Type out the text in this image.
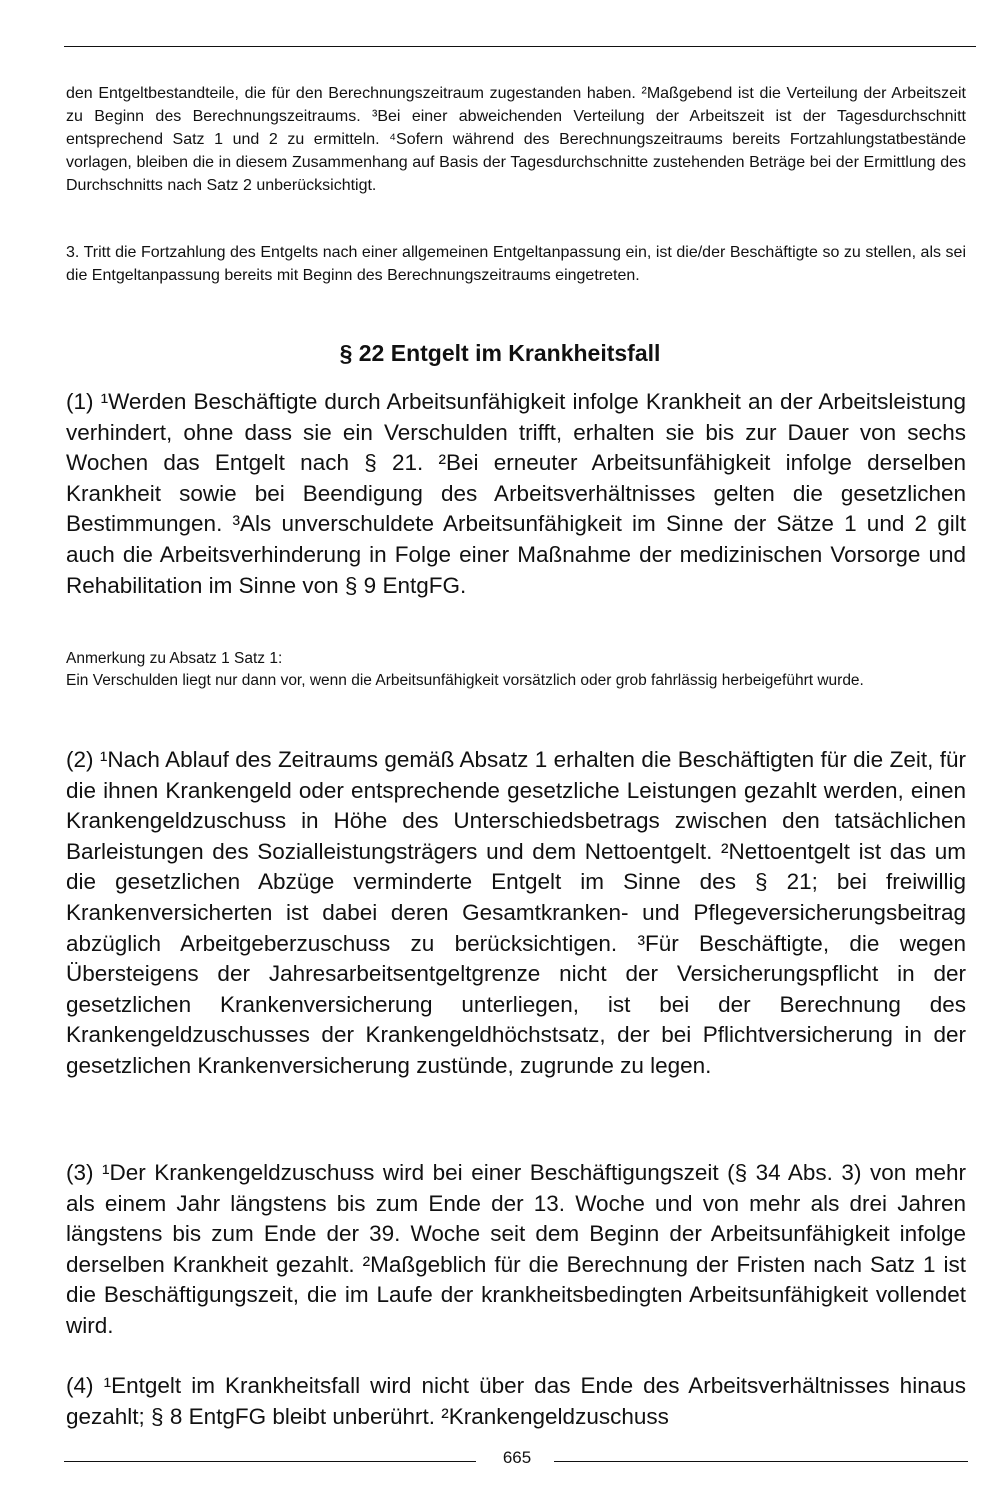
den Entgeltbestandteile, die für den Berechnungszeitraum zugestanden haben. ²Maßgebend ist die Verteilung der Arbeitszeit zu Beginn des Berechnungszeitraums. ³Bei einer abweichenden Verteilung der Arbeitszeit ist der Tagesdurchschnitt entsprechend Satz 1 und 2 zu ermitteln. ⁴Sofern während des Berechnungszeitraums bereits Fortzahlungstatbestände vorlagen, bleiben die in diesem Zusammenhang auf Basis der Tagesdurchschnitte zustehenden Beträge bei der Ermittlung des Durchschnitts nach Satz 2 unberücksichtigt.
3. Tritt die Fortzahlung des Entgelts nach einer allgemeinen Entgeltanpassung ein, ist die/der Beschäftigte so zu stellen, als sei die Entgeltanpassung bereits mit Beginn des Berechnungszeitraums eingetreten.
§ 22 Entgelt im Krankheitsfall
(1) ¹Werden Beschäftigte durch Arbeitsunfähigkeit infolge Krankheit an der Arbeitsleistung verhindert, ohne dass sie ein Verschulden trifft, erhalten sie bis zur Dauer von sechs Wochen das Entgelt nach § 21. ²Bei erneuter Arbeitsunfähigkeit infolge derselben Krankheit sowie bei Beendigung des Arbeitsverhältnisses gelten die gesetzlichen Bestimmungen. ³Als unverschuldete Arbeitsunfähigkeit im Sinne der Sätze 1 und 2 gilt auch die Arbeitsverhinderung in Folge einer Maßnahme der medizinischen Vorsorge und Rehabilitation im Sinne von § 9 EntgFG.
Anmerkung zu Absatz 1 Satz 1:
Ein Verschulden liegt nur dann vor, wenn die Arbeitsunfähigkeit vorsätzlich oder grob fahrlässig herbeigeführt wurde.
(2) ¹Nach Ablauf des Zeitraums gemäß Absatz 1 erhalten die Beschäftigten für die Zeit, für die ihnen Krankengeld oder entsprechende gesetzliche Leistungen gezahlt werden, einen Krankengeldzuschuss in Höhe des Unterschiedsbetrags zwischen den tatsächlichen Barleistungen des Sozialleistungsträgers und dem Nettoentgelt. ²Nettoentgelt ist das um die gesetzlichen Abzüge verminderte Entgelt im Sinne des § 21; bei freiwillig Krankenversicherten ist dabei deren Gesamtkranken- und Pflegeversicherungsbeitrag abzüglich Arbeitgeberzuschuss zu berücksichtigen. ³Für Beschäftigte, die wegen Übersteigens der Jahresarbeitsentgeltgrenze nicht der Versicherungspflicht in der gesetzlichen Krankenversicherung unterliegen, ist bei der Berechnung des Krankengeldzuschusses der Krankengeldhöchstsatz, der bei Pflichtversicherung in der gesetzlichen Krankenversicherung zustünde, zugrunde zu legen.
(3) ¹Der Krankengeldzuschuss wird bei einer Beschäftigungszeit (§ 34 Abs. 3) von mehr als einem Jahr längstens bis zum Ende der 13. Woche und von mehr als drei Jahren längstens bis zum Ende der 39. Woche seit dem Beginn der Arbeitsunfähigkeit infolge derselben Krankheit gezahlt. ²Maßgeblich für die Berechnung der Fristen nach Satz 1 ist die Beschäftigungszeit, die im Laufe der krankheitsbedingten Arbeitsunfähigkeit vollendet wird.
(4) ¹Entgelt im Krankheitsfall wird nicht über das Ende des Arbeitsverhältnisses hinaus gezahlt; § 8 EntgFG bleibt unberührt. ²Krankengeldzuschuss
665
